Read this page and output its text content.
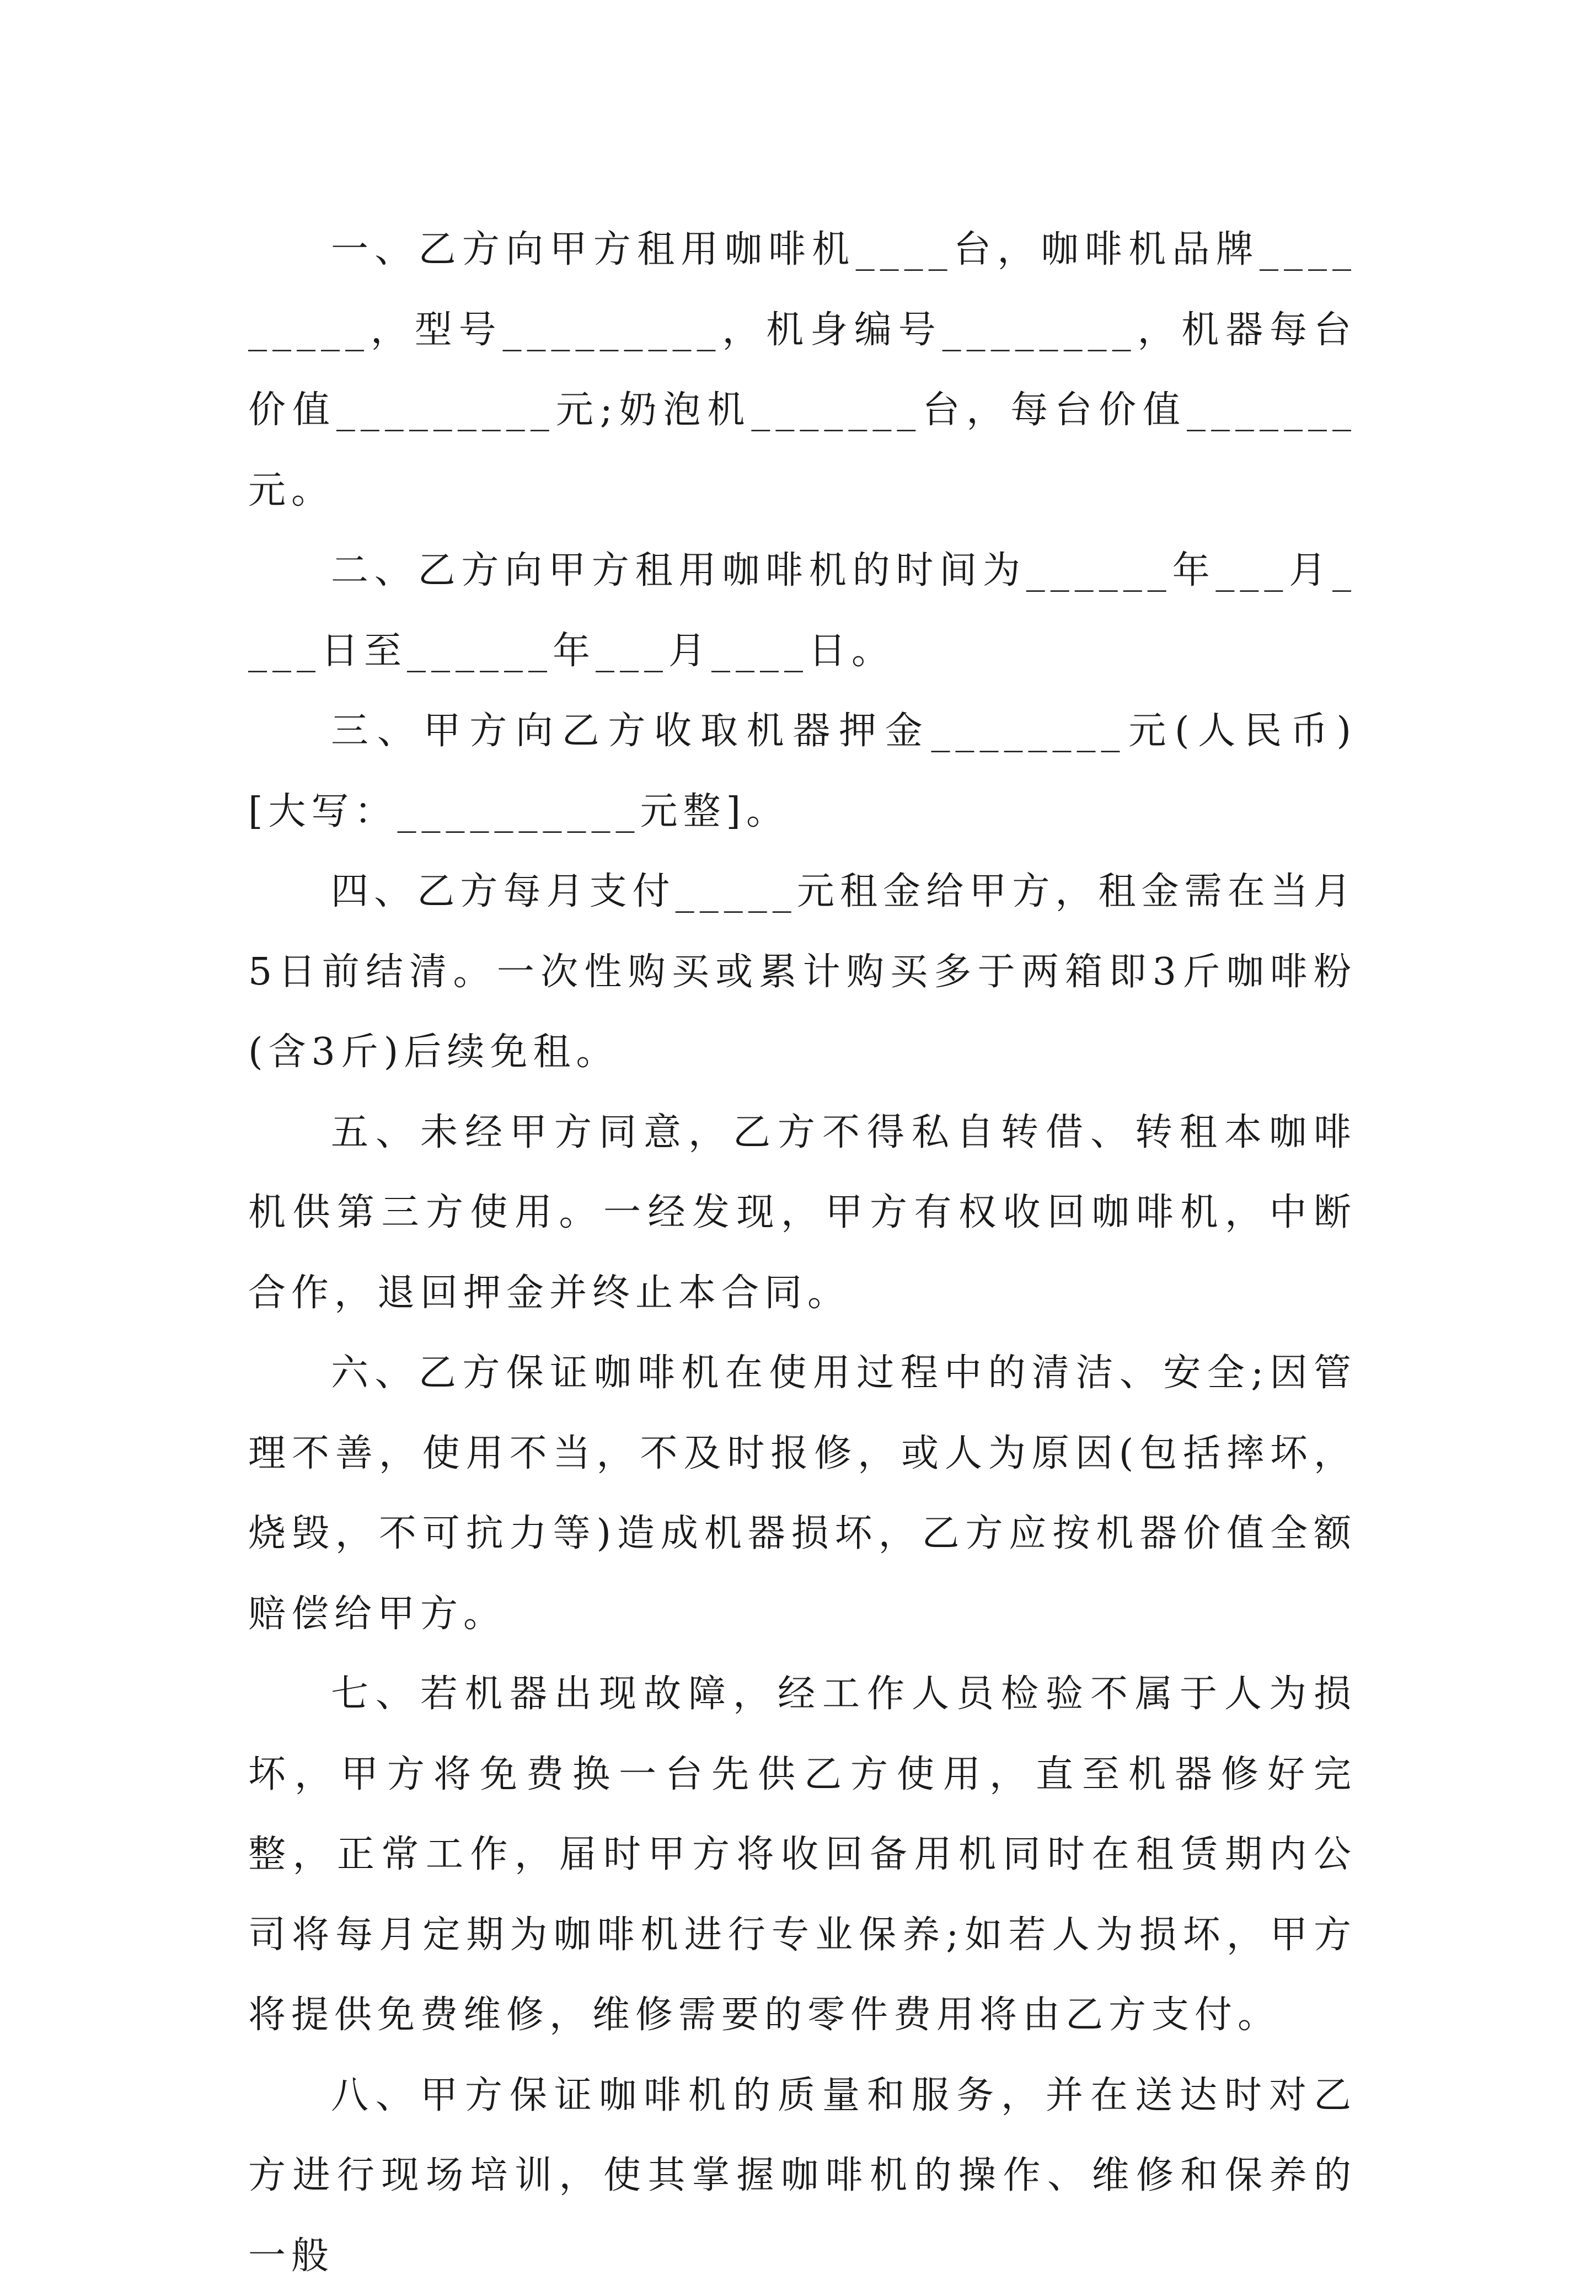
一、乙方向甲方租用咖啡机____台，咖啡机品牌_________，型号_________，机身编号________，机器每台价值_________元;奶泡机_______台，每台价值_______元。

二、乙方向甲方租用咖啡机的时间为______年___月____日至______年___月____日。

三、甲方向乙方收取机器押金________元(人民币)[大写：__________元整]。

四、乙方每月支付_____元租金给甲方，租金需在当月5日前结清。一次性购买或累计购买多于两箱即3斤咖啡粉(含3斤)后续免租。

五、未经甲方同意，乙方不得私自转借、转租本咖啡机供第三方使用。一经发现，甲方有权收回咖啡机，中断合作，退回押金并终止本合同。

六、乙方保证咖啡机在使用过程中的清洁、安全;因管理不善，使用不当，不及时报修，或人为原因(包括摔坏，烧毁，不可抗力等)造成机器损坏，乙方应按机器价值全额赔偿给甲方。

七、若机器出现故障，经工作人员检验不属于人为损坏，甲方将免费换一台先供乙方使用，直至机器修好完整，正常工作，届时甲方将收回备用机同时在租赁期内公司将每月定期为咖啡机进行专业保养;如若人为损坏，甲方将提供免费维修，维修需要的零件费用将由乙方支付。

八、甲方保证咖啡机的质量和服务，并在送达时对乙方进行现场培训，使其掌握咖啡机的操作、维修和保养的一般
